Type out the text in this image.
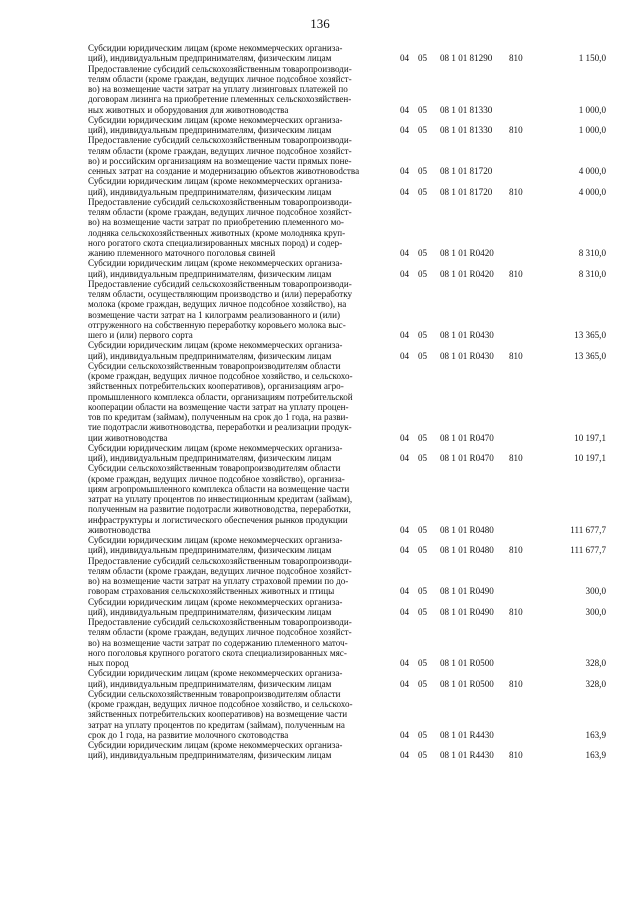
136
Субсидии юридическим лицам (кроме некоммерческих организа-
ций), индивидуальным предпринимателям, физическим лицам	04 05 08 1 01 81290 810	1 150,0
Предоставление субсидий сельскохозяйственным товаропроизводи-
телям области (кроме граждан, ведущих личное подсобное хозяйст-
во) на возмещение части затрат на уплату лизинговых платежей по
договорам лизинга на приобретение племенных сельскохозяйствен-
ных животных и оборудования для животноводства	04 05 08 1 01 81330	1 000,0
Субсидии юридическим лицам (кроме некоммерческих организа-
ций), индивидуальным предпринимателям, физическим лицам	04 05 08 1 01 81330 810	1 000,0
Предоставление субсидий сельскохозяйственным товаропроизводи-
телям области (кроме граждан, ведущих личное подсобное хозяйст-
во) и российским организациям на возмещение части прямых поне-
сенных затрат на создание и модернизацию объектов животновodства	04 05 08 1 01 81720	4 000,0
Субсидии юридическим лицам (кроме некоммерческих организа-
ций), индивидуальным предпринимателям, физическим лицам	04 05 08 1 01 81720 810	4 000,0
Предоставление субсидий сельскохозяйственным товаропроизводи-
телям области (кроме граждан, ведущих личное подсобное хозяйст-
во) на возмещение части затрат по приобретению племенного мо-
лодняка сельскохозяйственных животных (кроме молодняка круп-
ного рогатого скота специализированных мясных пород) и содер-
жанию племенного маточного поголовья свиней	04 05 08 1 01 R0420	8 310,0
Субсидии юридическим лицам (кроме некоммерческих организа-
ций), индивидуальным предпринимателям, физическим лицам	04 05 08 1 01 R0420 810	8 310,0
Предоставление субсидий сельскохозяйственным товаропроизводи-
телям области, осуществляющим производство и (или) переработку
молока (кроме граждан, ведущих личное подсобное хозяйство), на
возмещение части затрат на 1 килограмм реализованного и (или)
отгруженного на собственную переработку коровьего молока выс-
шего и (или) первого сорта	04 05 08 1 01 R0430	13 365,0
Субсидии юридическим лицам (кроме некоммерческих организа-
ций), индивидуальным предпринимателям, физическим лицам	04 05 08 1 01 R0430 810	13 365,0
Субсидии сельскохозяйственным товаропроизводителям области
(кроме граждан, ведущих личное подсобное хозяйство, и сельскохо-
зяйственных потребительских кооперативов), организациям агро-
промышленного комплекса области, организациям потребительской
кооперации области на возмещение части затрат на уплату процен-
тов по кредитам (займам), полученным на срок до 1 года, на разви-
тие подотрасли животноводства, переработки и реализации продук-
ции животноводства	04 05 08 1 01 R0470	10 197,1
Субсидии юридическим лицам (кроме некоммерческих организа-
ций), индивидуальным предпринимателям, физическим лицам	04 05 08 1 01 R0470 810	10 197,1
Субсидии сельскохозяйственным товаропроизводителям области
(кроме граждан, ведущих личное подсобное хозяйство), организа-
циям агропромышленного комплекса области на возмещение части
затрат на уплату процентов по инвестиционным кредитам (займам),
полученным на развитие подотрасли животноводства, переработки,
инфраструктуры и логистического обеспечения рынков продукции
животноводства	04 05 08 1 01 R0480	111 677,7
Субсидии юридическим лицам (кроме некоммерческих организа-
ций), индивидуальным предпринимателям, физическим лицам	04 05 08 1 01 R0480 810	111 677,7
Предоставление субсидий сельскохозяйственным товаропроизводи-
телям области (кроме граждан, ведущих личное подсобное хозяйст-
во) на возмещение части затрат на уплату страховой премии по до-
говорам страхования сельскохозяйственных животных и птицы	04 05 08 1 01 R0490	300,0
Субсидии юридическим лицам (кроме некоммерческих организа-
ций), индивидуальным предпринимателям, физическим лицам	04 05 08 1 01 R0490 810	300,0
Предоставление субсидий сельскохозяйственным товаропроизводи-
телям области (кроме граждан, ведущих личное подсобное хозяйст-
во) на возмещение части затрат по содержанию племенного маточ-
ного поголовья крупного рогатого скота специализированных мяс-
ных пород	04 05 08 1 01 R0500	328,0
Субсидии юридическим лицам (кроме некоммерческих организа-
ций), индивидуальным предпринимателям, физическим лицам	04 05 08 1 01 R0500 810	328,0
Субсидии сельскохозяйственным товаропроизводителям области
(кроме граждан, ведущих личное подсобное хозяйство, и сельскохо-
зяйственных потребительских кооперативов) на возмещение части
затрат на уплату процентов по кредитам (займам), полученным на
срок до 1 года, на развитие молочного скотоводства	04 05 08 1 01 R4430	163,9
Субсидии юридическим лицам (кроме некоммерческих организа-
ций), индивидуальным предпринимателям, физическим лицам	04 05 08 1 01 R4430 810	163,9
